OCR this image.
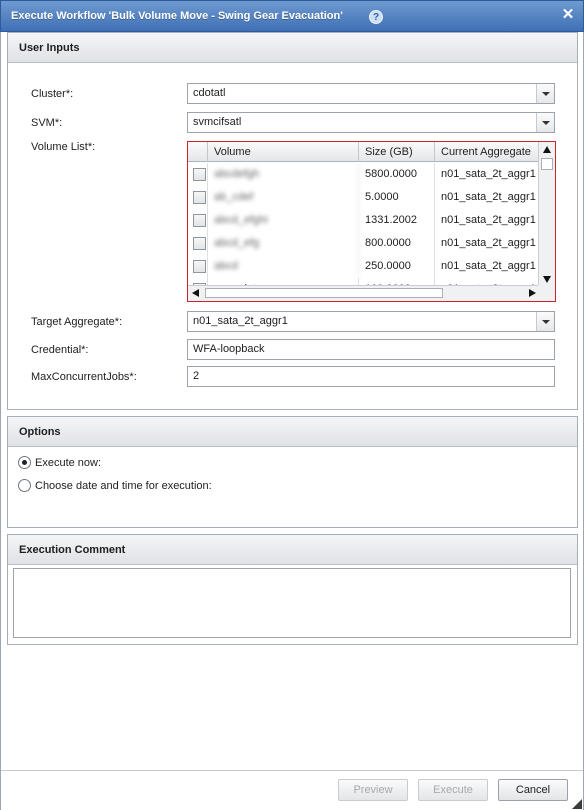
Execute Workflow 'Bulk Volume Move - Swing Gear Evacuation'	?	✕
User Inputs
Cluster*:	cdotatl
SVM*:	svmcifsatl
Volume List*:	Volume	Size (GB)	Current Aggregate
abcdefgh	5800.0000	n01_sata_2t_aggr1
ab_cdef	5.0000	n01_sata_2t_aggr1
abcd_efghi	1331.2002	n01_sata_2t_aggr1
abcd_efg	800.0000	n01_sata_2t_aggr1
abcd	250.0000	n01_sata_2t_aggr1
Target Aggregate*:	n01_sata_2t_aggr1
Credential*:	WFA-loopback
MaxConcurrentJobs*:	2
Options
Execute now:
Choose date and time for execution:
Execution Comment
Preview	Execute	Cancel
